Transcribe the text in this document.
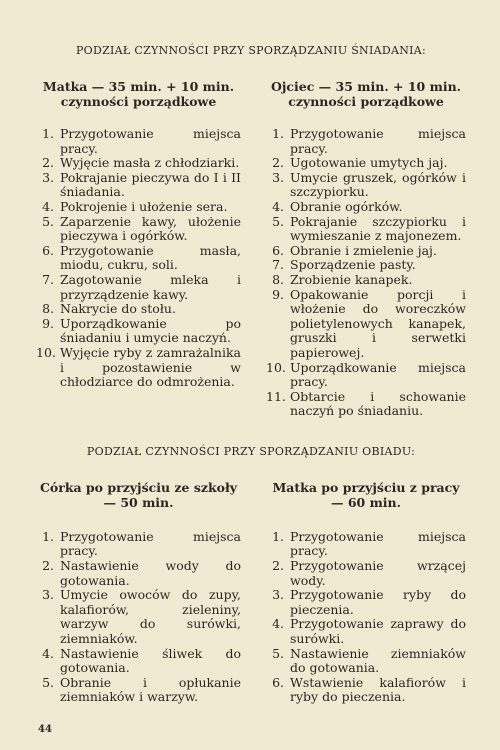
PODZIAŁ CZYNNOŚCI PRZY SPORZĄDZANIU ŚNIADANIA:
Matka — 35 min. + 10 min.
czynności porządkowe
1. Przygotowanie miejsca pracy.
2. Wyjęcie masła z chłodziarki.
3. Pokrajanie pieczywa do I i II śniadania.
4. Pokrojenie i ułożenie sera.
5. Zaparzenie kawy, ułożenie pieczywa i ogórków.
6. Przygotowanie masła, miodu, cukru, soli.
7. Zagotowanie mleka i przyrządzenie kawy.
8. Nakrycie do stołu.
9. Uporządkowanie po śniadaniu i umycie naczyń.
10. Wyjęcie ryby z zamrażalnika i pozostawienie w chłodziarce do odmrożenia.
Ojciec — 35 min. + 10 min.
czynności porządkowe
1. Przygotowanie miejsca pracy.
2. Ugotowanie umytych jaj.
3. Umycie gruszek, ogórków i szczypiorku.
4. Obranie ogórków.
5. Pokrajanie szczypiorku i wymieszanie z majonezem.
6. Obranie i zmielenie jaj.
7. Sporządzenie pasty.
8. Zrobienie kanapek.
9. Opakowanie porcji i włożenie do woreczków polietylenowych kanapek, gruszki i serwetki papierowej.
10. Uporządkowanie miejsca pracy.
11. Obtarcie i schowanie naczyń po śniadaniu.
PODZIAŁ CZYNNOŚCI PRZY SPORZĄDZANIU OBIADU:
Córka po przyjściu ze szkoły
— 50 min.
1. Przygotowanie miejsca pracy.
2. Nastawienie wody do gotowania.
3. Umycie owoców do zupy, kalafiorów, zieleniny, warzyw do surówki, ziemniaków.
4. Nastawienie śliwek do gotowania.
5. Obranie i opłukanie ziemniaków i warzyw.
Matka po przyjściu z pracy
— 60 min.
1. Przygotowanie miejsca pracy.
2. Przygotowanie wrzącej wody.
3. Przygotowanie ryby do pieczenia.
4. Przygotowanie zaprawy do surówki.
5. Nastawienie ziemniaków do gotowania.
6. Wstawienie kalafiorów i ryby do pieczenia.
44
